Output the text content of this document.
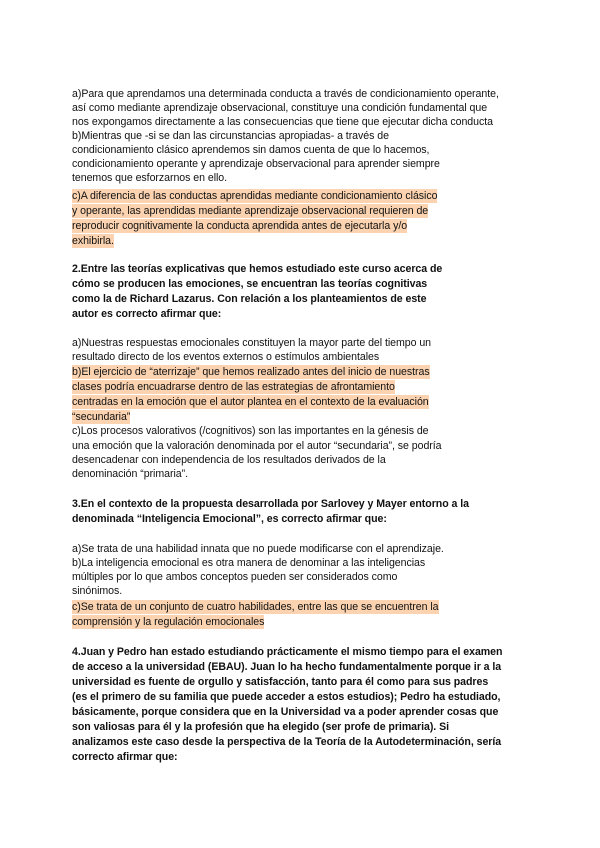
a)Para que aprendamos una determinada conducta a través de condicionamiento operante,
así como mediante aprendizaje observacional, constituye una condición fundamental que
nos expongamos directamente a las consecuencias que tiene que ejecutar dicha conducta
b)Mientras que -si se dan las circunstancias apropiadas- a través de
condicionamiento clásico aprendemos sin damos cuenta de que lo hacemos,
condicionamiento operante y aprendizaje observacional para aprender siempre
tenemos que esforzarnos en ello.
c)A diferencia de las conductas aprendidas mediante condicionamiento clásico
y operante, las aprendidas mediante aprendizaje observacional requieren de
reproducir cognitivamente la conducta aprendida antes de ejecutarla y/o
exhibirla.
2.Entre las teorías explicativas que hemos estudiado este curso acerca de
cómo se producen las emociones, se encuentran las teorías cognitivas
como la de Richard Lazarus. Con relación a los planteamientos de este
autor es correcto afirmar que:
a)Nuestras respuestas emocionales constituyen la mayor parte del tiempo un
resultado directo de los eventos externos o estímulos ambientales
b)El ejercicio de “aterrizaje” que hemos realizado antes del inicio de nuestras
clases podría encuadrarse dentro de las estrategias de afrontamiento
centradas en la emoción que el autor plantea en el contexto de la evaluación
“secundaria”
c)Los procesos valorativos (/cognitivos) son las importantes en la génesis de
una emoción que la valoración denominada por el autor “secundaria”, se podría
desencadenar con independencia de los resultados derivados de la
denominación “primaria”.
3.En el contexto de la propuesta desarrollada por Sarlovey y Mayer entorno a la
denominada “Inteligencia Emocional”, es correcto afirmar que:
a)Se trata de una habilidad innata que no puede modificarse con el aprendizaje.
b)La inteligencia emocional es otra manera de denominar a las inteligencias
múltiples por lo que ambos conceptos pueden ser considerados como
sinónimos.
c)Se trata de un conjunto de cuatro habilidades, entre las que se encuentren la
comprensión y la regulación emocionales
4.Juan y Pedro han estado estudiando prácticamente el mismo tiempo para el examen
de acceso a la universidad (EBAU). Juan lo ha hecho fundamentalmente porque ir a la
universidad es fuente de orgullo y satisfacción, tanto para él como para sus padres
(es el primero de su familia que puede acceder a estos estudios); Pedro ha estudiado,
básicamente, porque considera que en la Universidad va a poder aprender cosas que
son valiosas para él y la profesión que ha elegido (ser profe de primaria). Si
analizamos este caso desde la perspectiva de la Teoría de la Autodeterminación, sería
correcto afirmar que:
